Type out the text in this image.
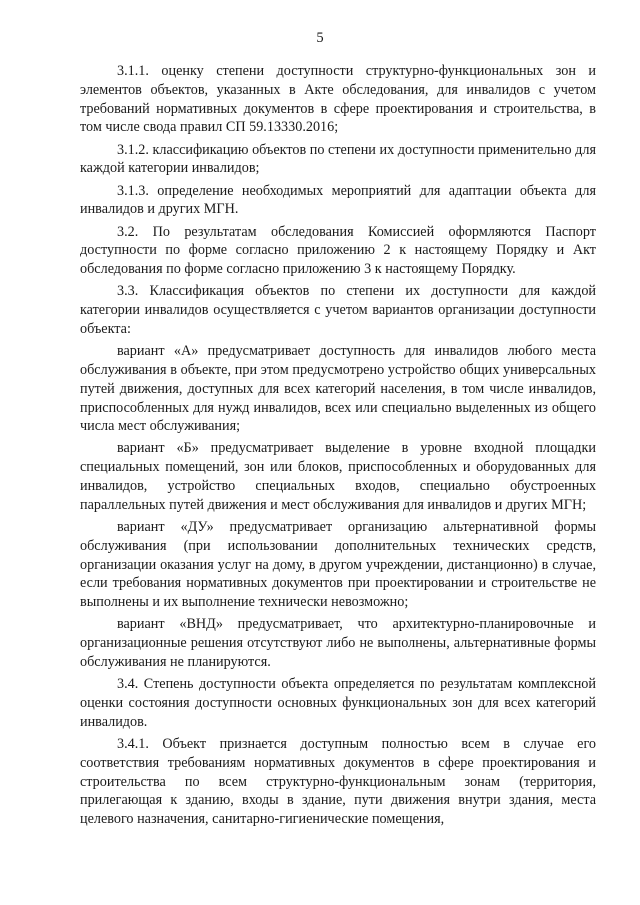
5

3.1.1. оценку степени доступности структурно-функциональных зон и элементов объектов, указанных в Акте обследования, для инвалидов с учетом требований нормативных документов в сфере проектирования и строительства, в том числе свода правил СП 59.13330.2016;

3.1.2. классификацию объектов по степени их доступности применительно для каждой категории инвалидов;

3.1.3. определение необходимых мероприятий для адаптации объекта для инвалидов и других МГН.

3.2. По результатам обследования Комиссией оформляются Паспорт доступности по форме согласно приложению 2 к настоящему Порядку и Акт обследования по форме согласно приложению 3 к настоящему Порядку.

3.3. Классификация объектов по степени их доступности для каждой категории инвалидов осуществляется с учетом вариантов организации доступности объекта:

вариант «А» предусматривает доступность для инвалидов любого места обслуживания в объекте, при этом предусмотрено устройство общих универсальных путей движения, доступных для всех категорий населения, в том числе инвалидов, приспособленных для нужд инвалидов, всех или специально выделенных из общего числа мест обслуживания;

вариант «Б» предусматривает выделение в уровне входной площадки специальных помещений, зон или блоков, приспособленных и оборудованных для инвалидов, устройство специальных входов, специально обустроенных параллельных путей движения и мест обслуживания для инвалидов и других МГН;

вариант «ДУ» предусматривает организацию альтернативной формы обслуживания (при использовании дополнительных технических средств, организации оказания услуг на дому, в другом учреждении, дистанционно) в случае, если требования нормативных документов при проектировании и строительстве не выполнены и их выполнение технически невозможно;

вариант «ВНД» предусматривает, что архитектурно-планировочные и организационные решения отсутствуют либо не выполнены, альтернативные формы обслуживания не планируются.

3.4. Степень доступности объекта определяется по результатам комплексной оценки состояния доступности основных функциональных зон для всех категорий инвалидов.

3.4.1. Объект признается доступным полностью всем в случае его соответствия требованиям нормативных документов в сфере проектирования и строительства по всем структурно-функциональным зонам (территория, прилегающая к зданию, входы в здание, пути движения внутри здания, места целевого назначения, санитарно-гигиенические помещения,
